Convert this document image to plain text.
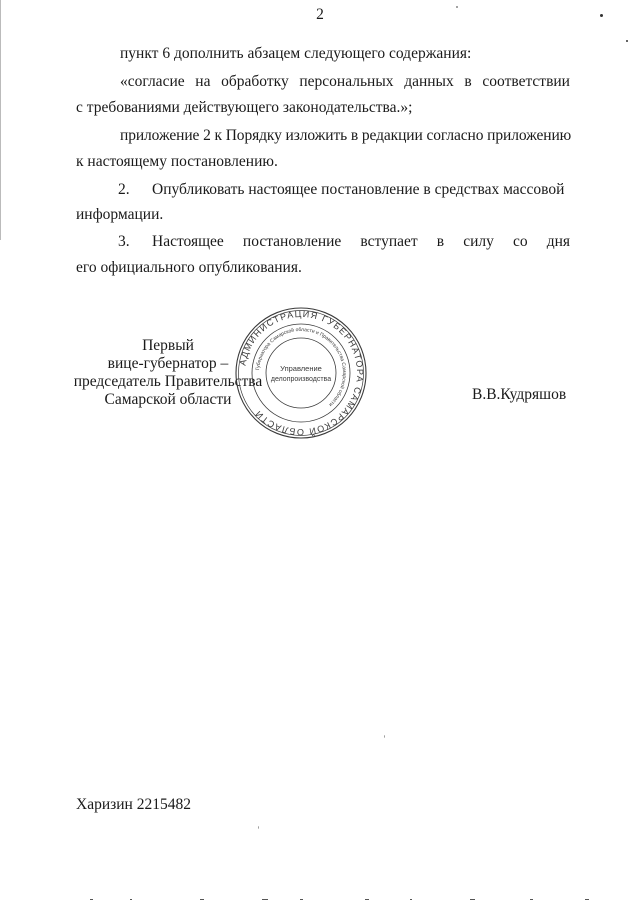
2
пункт 6 дополнить абзацем следующего содержания:
«согласие на обработку персональных данных в соответствии
с требованиями действующего законодательства.»;
приложение 2 к Порядку изложить в редакции согласно приложению
к настоящему постановлению.
2. Опубликовать настоящее постановление в средствах массовой
информации.
3. Настоящее постановление вступает в силу со дня
его официального опубликования.
Первый
вице-губернатор –
председатель Правительства
Самарской области	В.В.Кудряшов
АДМИНИСТРАЦИЯ ГУБЕРНАТОРА САМАРСКОЙ ОБЛАСТИ
Губернатора Самарской области и Правительства Самарской области
Управление
делопроизводства
Харизин 2215482
